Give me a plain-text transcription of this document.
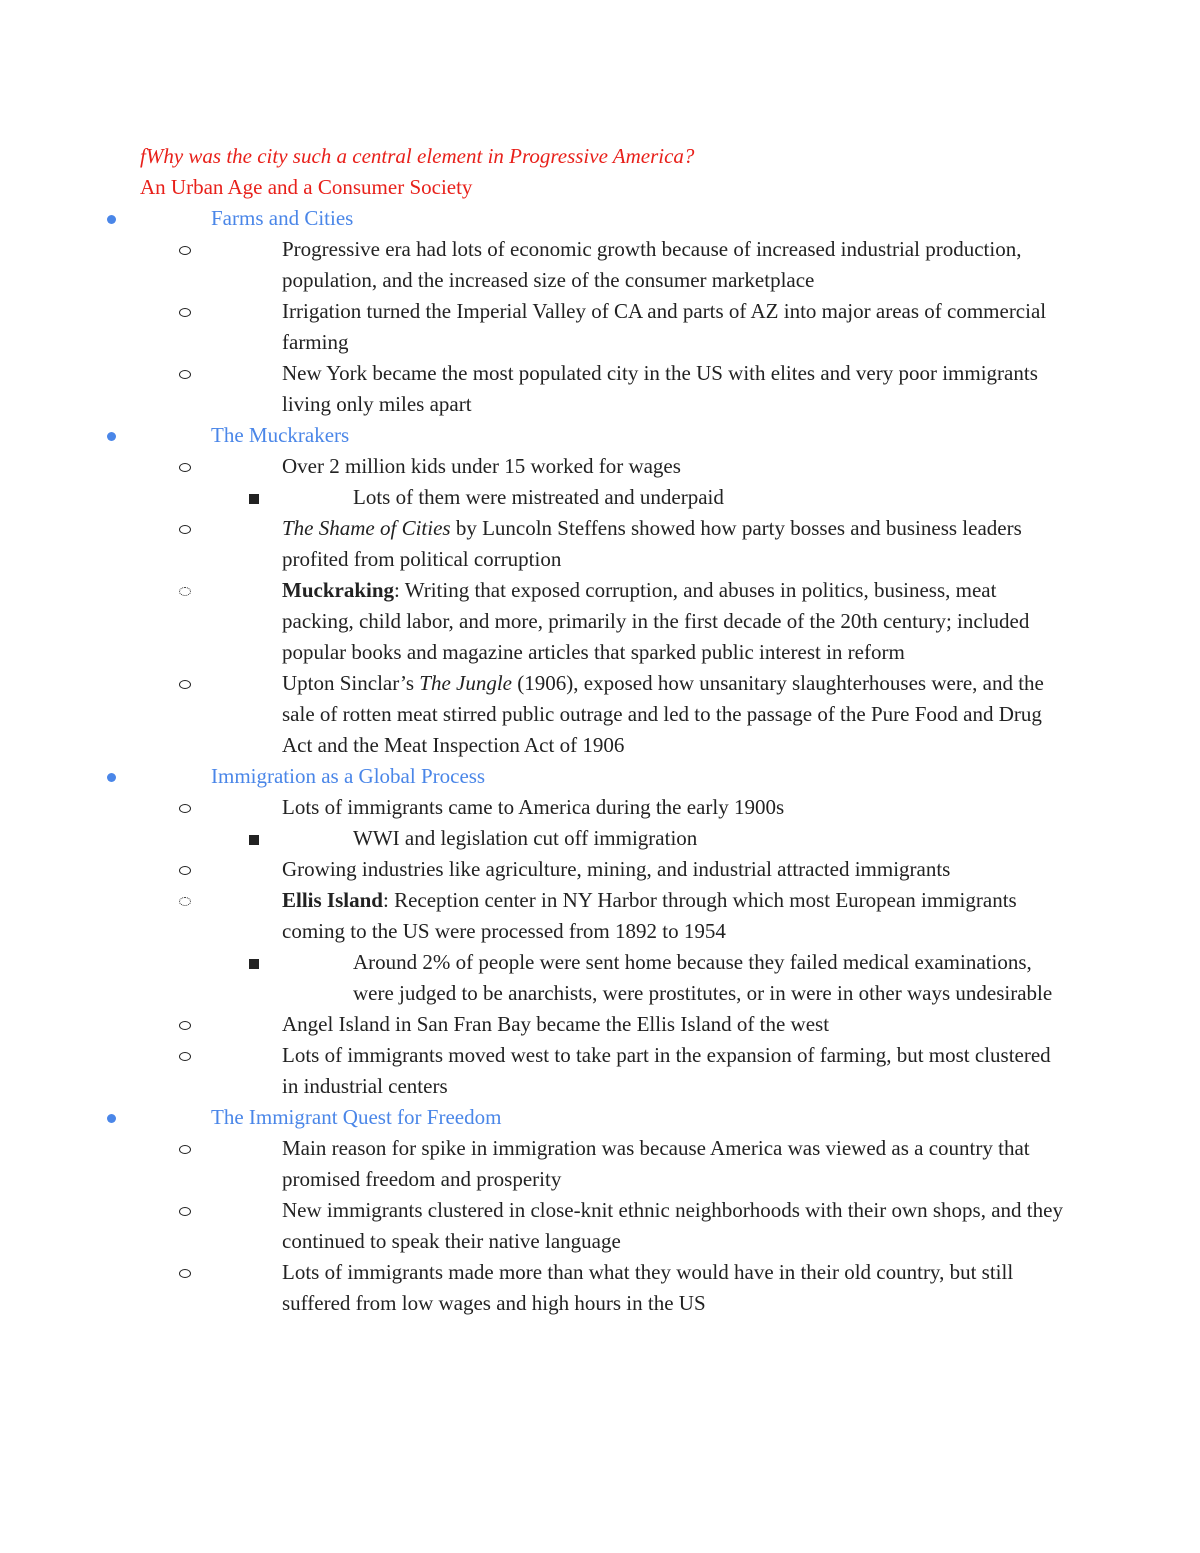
fWhy was the city such a central element in Progressive America?

An Urban Age and a Consumer Society

Farms and Cities
Progressive era had lots of economic growth because of increased industrial production, population, and the increased size of the consumer marketplace
Irrigation turned the Imperial Valley of CA and parts of AZ into major areas of commercial farming
New York became the most populated city in the US with elites and very poor immigrants living only miles apart
The Muckrakers
Over 2 million kids under 15 worked for wages
Lots of them were mistreated and underpaid
The Shame of Cities by Luncoln Steffens showed how party bosses and business leaders profited from political corruption
Muckraking: Writing that exposed corruption, and abuses in politics, business, meat packing, child labor, and more, primarily in the first decade of the 20th century; included popular books and magazine articles that sparked public interest in reform
Upton Sinclar’s The Jungle (1906), exposed how unsanitary slaughterhouses were, and the sale of rotten meat stirred public outrage and led to the passage of the Pure Food and Drug Act and the Meat Inspection Act of 1906
Immigration as a Global Process
Lots of immigrants came to America during the early 1900s
WWI and legislation cut off immigration
Growing industries like agriculture, mining, and industrial attracted immigrants
Ellis Island: Reception center in NY Harbor through which most European immigrants coming to the US were processed from 1892 to 1954
Around 2% of people were sent home because they failed medical examinations, were judged to be anarchists, were prostitutes, or in were in other ways undesirable
Angel Island in San Fran Bay became the Ellis Island of the west
Lots of immigrants moved west to take part in the expansion of farming, but most clustered in industrial centers
The Immigrant Quest for Freedom
Main reason for spike in immigration was because America was viewed as a country that promised freedom and prosperity
New immigrants clustered in close-knit ethnic neighborhoods with their own shops, and they continued to speak their native language
Lots of immigrants made more than what they would have in their old country, but still suffered from low wages and high hours in the US
